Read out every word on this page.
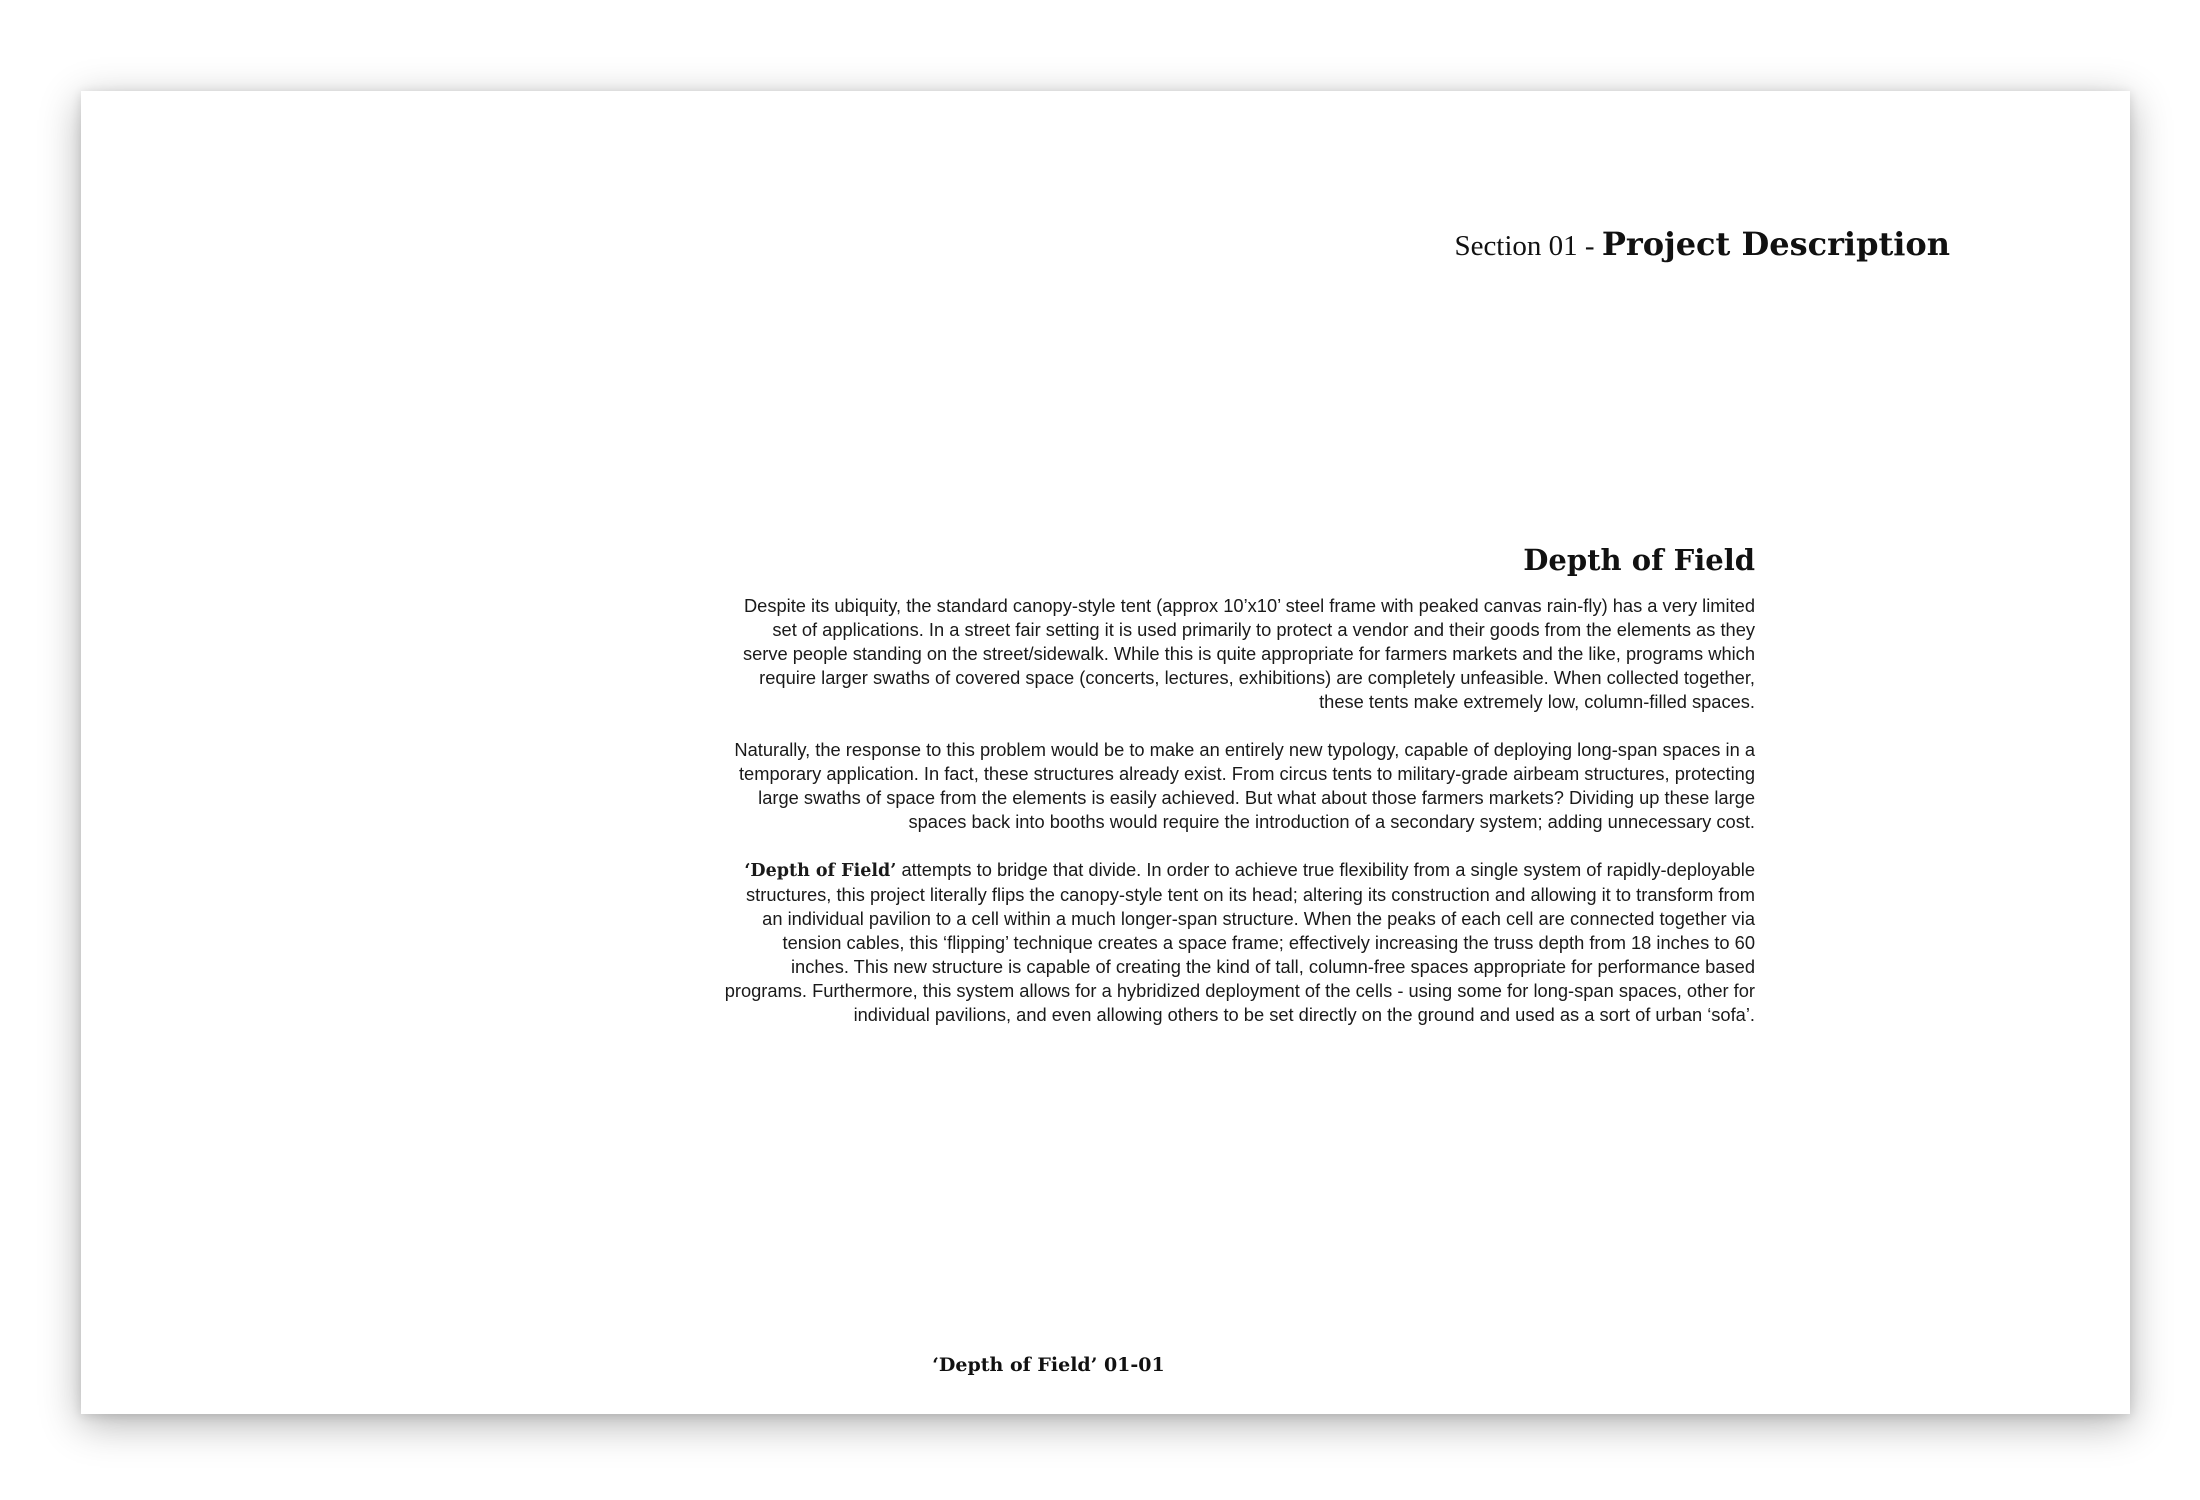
Section 01 - Project Description
Depth of Field

Despite its ubiquity, the standard canopy-style tent (approx 10’x10’ steel frame with peaked canvas rain-fly) has a very limited set of applications. In a street fair setting it is used primarily to protect a vendor and their goods from the elements as they serve people standing on the street/sidewalk. While this is quite appropriate for farmers markets and the like, programs which require larger swaths of covered space (concerts, lectures, exhibitions) are completely unfeasible. When collected together, these tents make extremely low, column-filled spaces.

Naturally, the response to this problem would be to make an entirely new typology, capable of deploying long-span spaces in a temporary application. In fact, these structures already exist. From circus tents to military-grade airbeam structures, protecting large swaths of space from the elements is easily achieved. But what about those farmers markets? Dividing up these large spaces back into booths would require the introduction of a secondary system; adding unnecessary cost.

‘Depth of Field’ attempts to bridge that divide. In order to achieve true flexibility from a single system of rapidly-deployable structures, this project literally flips the canopy-style tent on its head; altering its construction and allowing it to transform from an individual pavilion to a cell within a much longer-span structure. When the peaks of each cell are connected together via tension cables, this ‘flipping’ technique creates a space frame; effectively increasing the truss depth from 18 inches to 60 inches. This new structure is capable of creating the kind of tall, column-free spaces appropriate for performance based programs. Furthermore, this system allows for a hybridized deployment of the cells - using some for long-span spaces, other for individual pavilions, and even allowing others to be set directly on the ground and used as a sort of urban ‘sofa’.

‘Depth of Field’ 01-01
